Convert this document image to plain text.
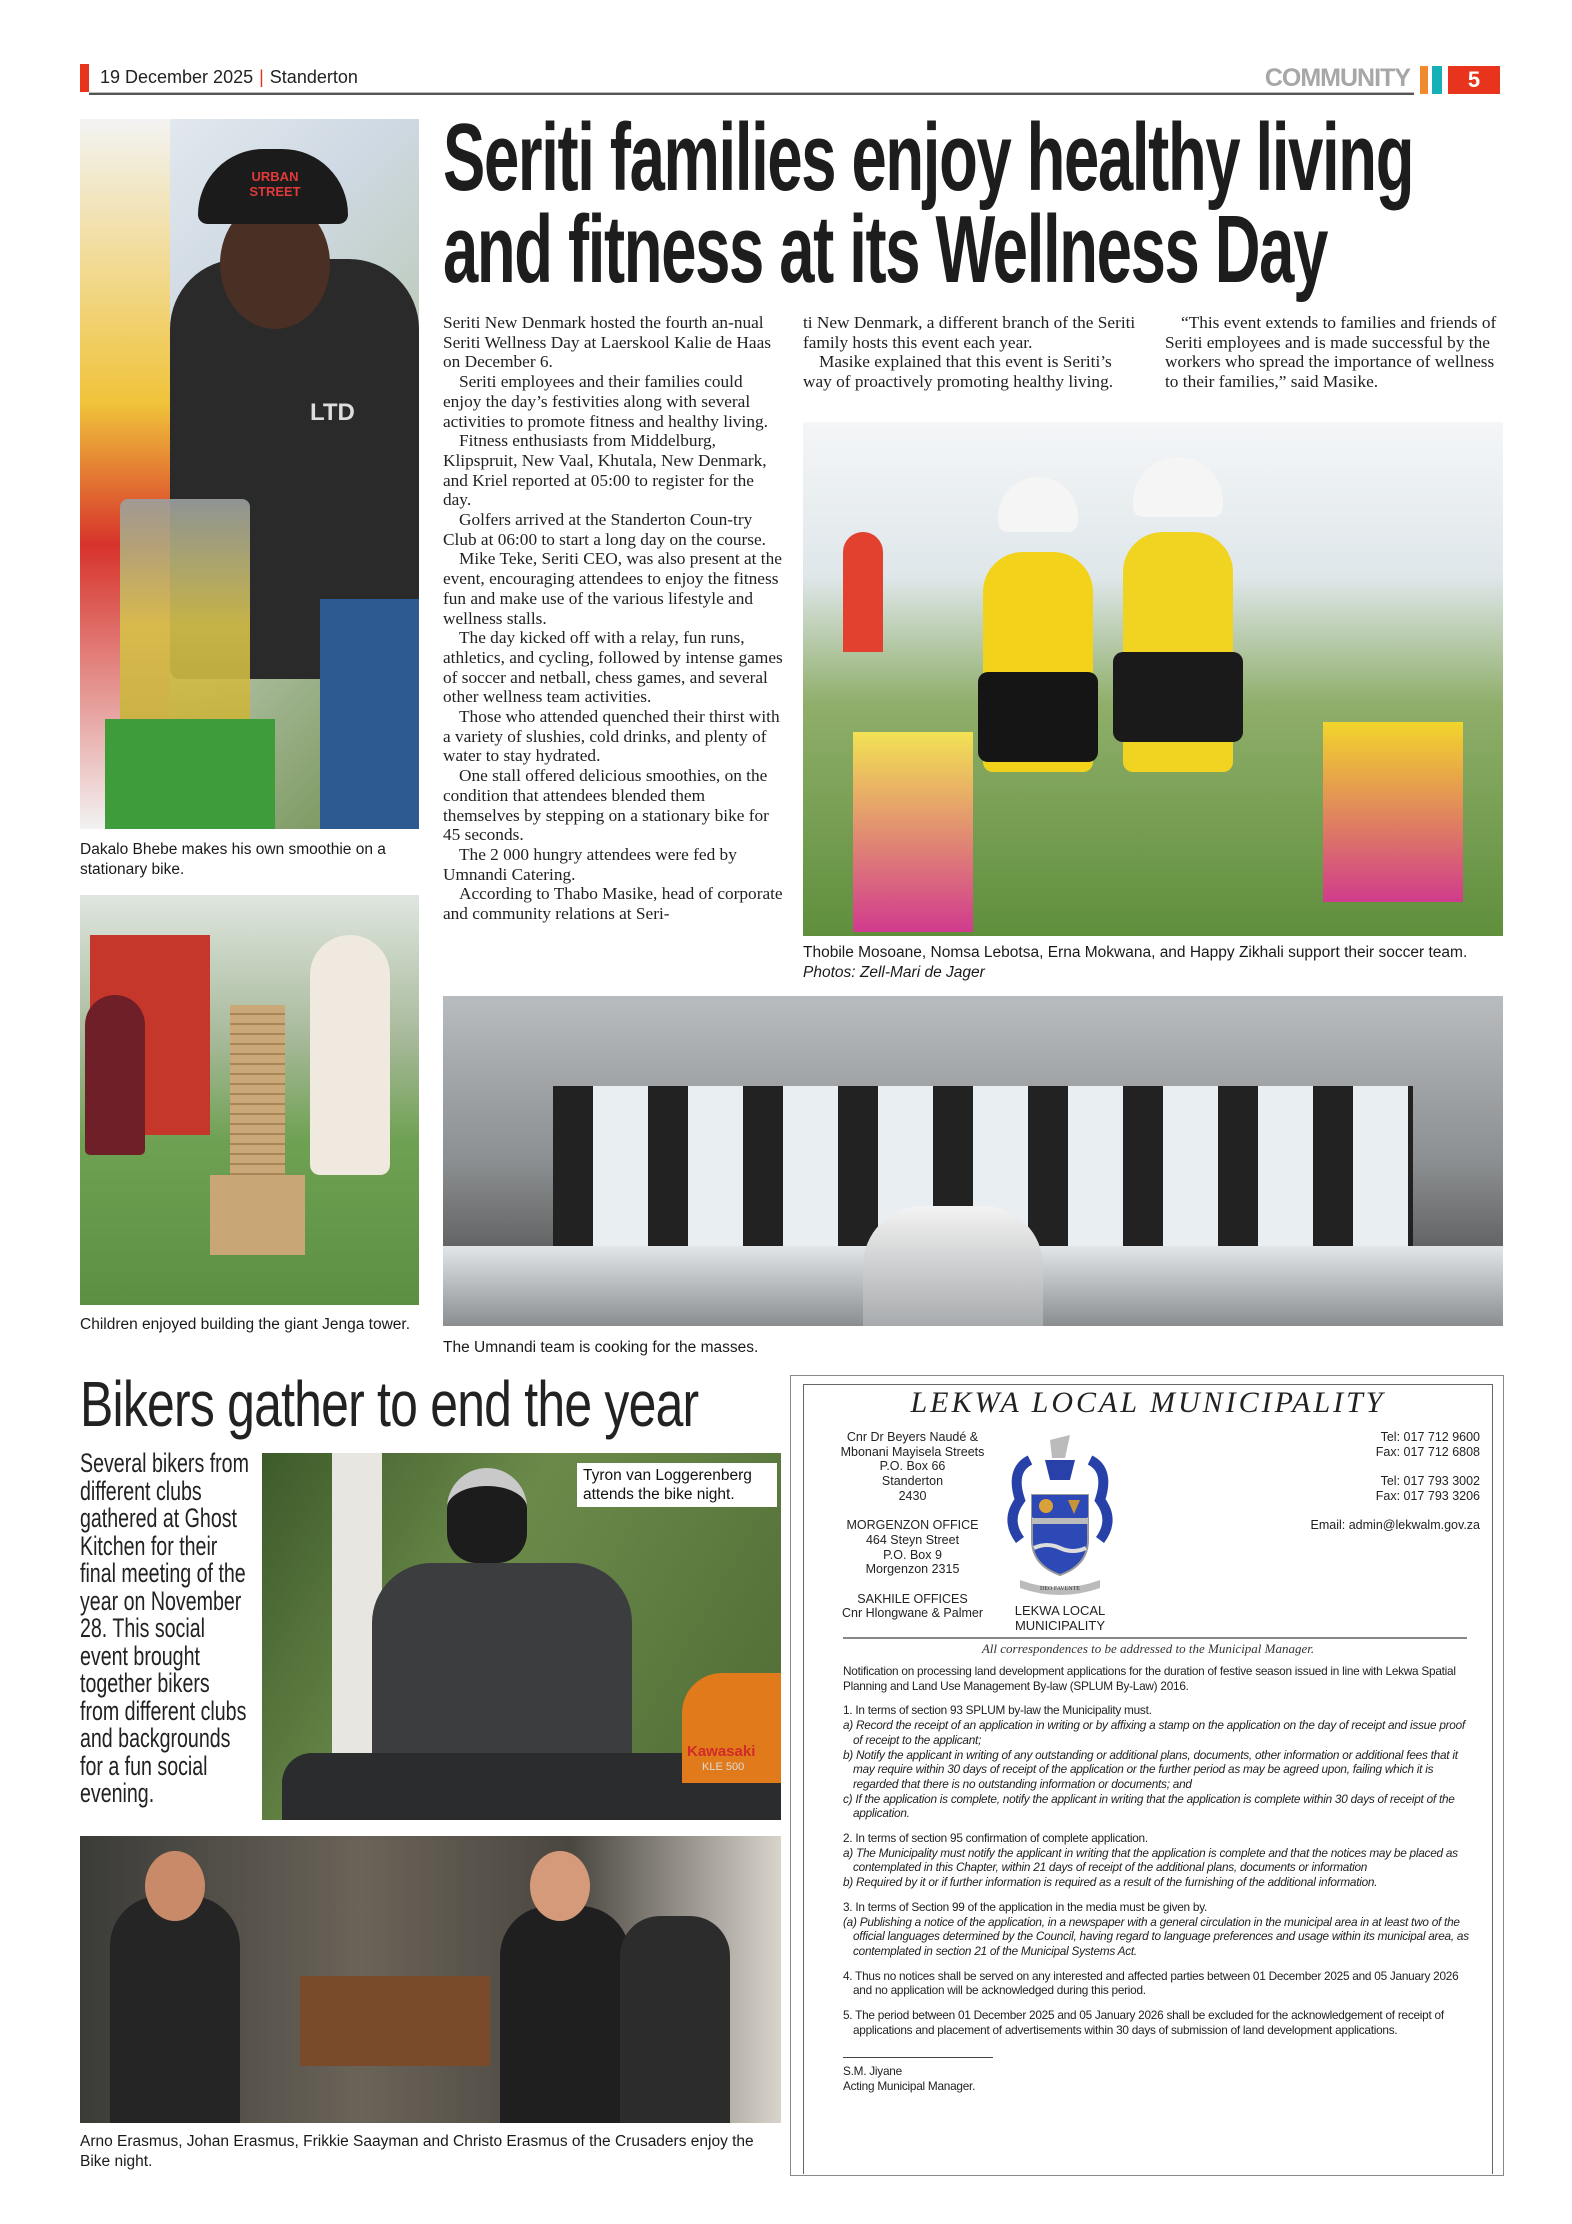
19 December 2025 | Standerton	COMMUNITY	5
URBAN STREET
LTD
Dakalo Bhebe makes his own smoothie on a stationary bike.
Children enjoyed building the giant Jenga tower.
Seriti families enjoy healthy living
and fitness at its Wellness Day

Seriti New Denmark hosted the fourth an-nual Seriti Wellness Day at Laerskool Kalie de Haas on December 6.

Seriti employees and their families could enjoy the day’s festivities along with several activities to promote fitness and healthy living.

Fitness enthusiasts from Middelburg, Klipspruit, New Vaal, Khutala, New Denmark, and Kriel reported at 05:00 to register for the day.

Golfers arrived at the Standerton Coun-try Club at 06:00 to start a long day on the course.

Mike Teke, Seriti CEO, was also present at the event, encouraging attendees to enjoy the fitness fun and make use of the various lifestyle and wellness stalls.

The day kicked off with a relay, fun runs, athletics, and cycling, followed by intense games of soccer and netball, chess games, and several other wellness team activities.

Those who attended quenched their thirst with a variety of slushies, cold drinks, and plenty of water to stay hydrated.

One stall offered delicious smoothies, on the condition that attendees blended them themselves by stepping on a stationary bike for 45 seconds.

The 2 000 hungry attendees were fed by Umnandi Catering.

According to Thabo Masike, head of corporate and community relations at Seri-

ti New Denmark, a different branch of the Seriti family hosts this event each year.

Masike explained that this event is Seriti’s way of proactively promoting healthy living.

“This event extends to families and friends of Seriti employees and is made successful by the workers who spread the importance of wellness to their families,” said Masike.

Thobile Mosoane, Nomsa Lebotsa, Erna Mokwana, and Happy Zikhali support their soccer team. Photos: Zell-Mari de Jager
The Umnandi team is cooking for the masses.
Bikers gather to end the year
Kawasaki
KLE 500
Tyron van Loggerenberg attends the bike night.
Several bikers from different clubs gathered at Ghost Kitchen for their final meeting of the year on November 28. This social event brought together bikers from different clubs and backgrounds for a fun social evening.
Arno Erasmus, Johan Erasmus, Frikkie Saayman and Christo Erasmus of the Crusaders enjoy the Bike night.
LEKWA LOCAL MUNICIPALITY
Cnr Dr Beyers Naudé &
Mbonani Mayisela Streets
P.O. Box 66
Standerton
2430
MORGENZON OFFICE
464 Steyn Street
P.O. Box 9
Morgenzon 2315
SAKHILE OFFICES
Cnr Hlongwane & Palmer
DEO FAVENTE
LEKWA LOCAL
MUNICIPALITY
Tel: 017 712 9600
Fax: 017 712 6808
Tel: 017 793 3002
Fax: 017 793 3206
Email: admin@lekwalm.gov.za
All correspondences to be addressed to the Municipal Manager.
Notification on processing land development applications for the duration of festive season issued in line with Lekwa Spatial Planning and Land Use Management By-law (SPLUM By-Law) 2016.
1. In terms of section 93 SPLUM by-law the Municipality must.
a) Record the receipt of an application in writing or by affixing a stamp on the application on the day of receipt and issue proof of receipt to the applicant;
b) Notify the applicant in writing of any outstanding or additional plans, documents, other information or additional fees that it may require within 30 days of receipt of the application or the further period as may be agreed upon, failing which it is regarded that there is no outstanding information or documents; and
c) If the application is complete, notify the applicant in writing that the application is complete within 30 days of receipt of the application.
2. In terms of section 95 confirmation of complete application.
a) The Municipality must notify the applicant in writing that the application is complete and that the notices may be placed as contemplated in this Chapter, within 21 days of receipt of the additional plans, documents or information
b) Required by it or if further information is required as a result of the furnishing of the additional information.
3. In terms of Section 99 of the application in the media must be given by.
(a) Publishing a notice of the application, in a newspaper with a general circulation in the municipal area in at least two of the official languages determined by the Council, having regard to language preferences and usage within its municipal area, as contemplated in section 21 of the Municipal Systems Act.
4. Thus no notices shall be served on any interested and affected parties between 01 December 2025 and 05 January 2026 and no application will be acknowledged during this period.
5. The period between 01 December 2025 and 05 January 2026 shall be excluded for the acknowledgement of receipt of applications and placement of advertisements within 30 days of submission of land development applications.
S.M. Jiyane
Acting Municipal Manager.
